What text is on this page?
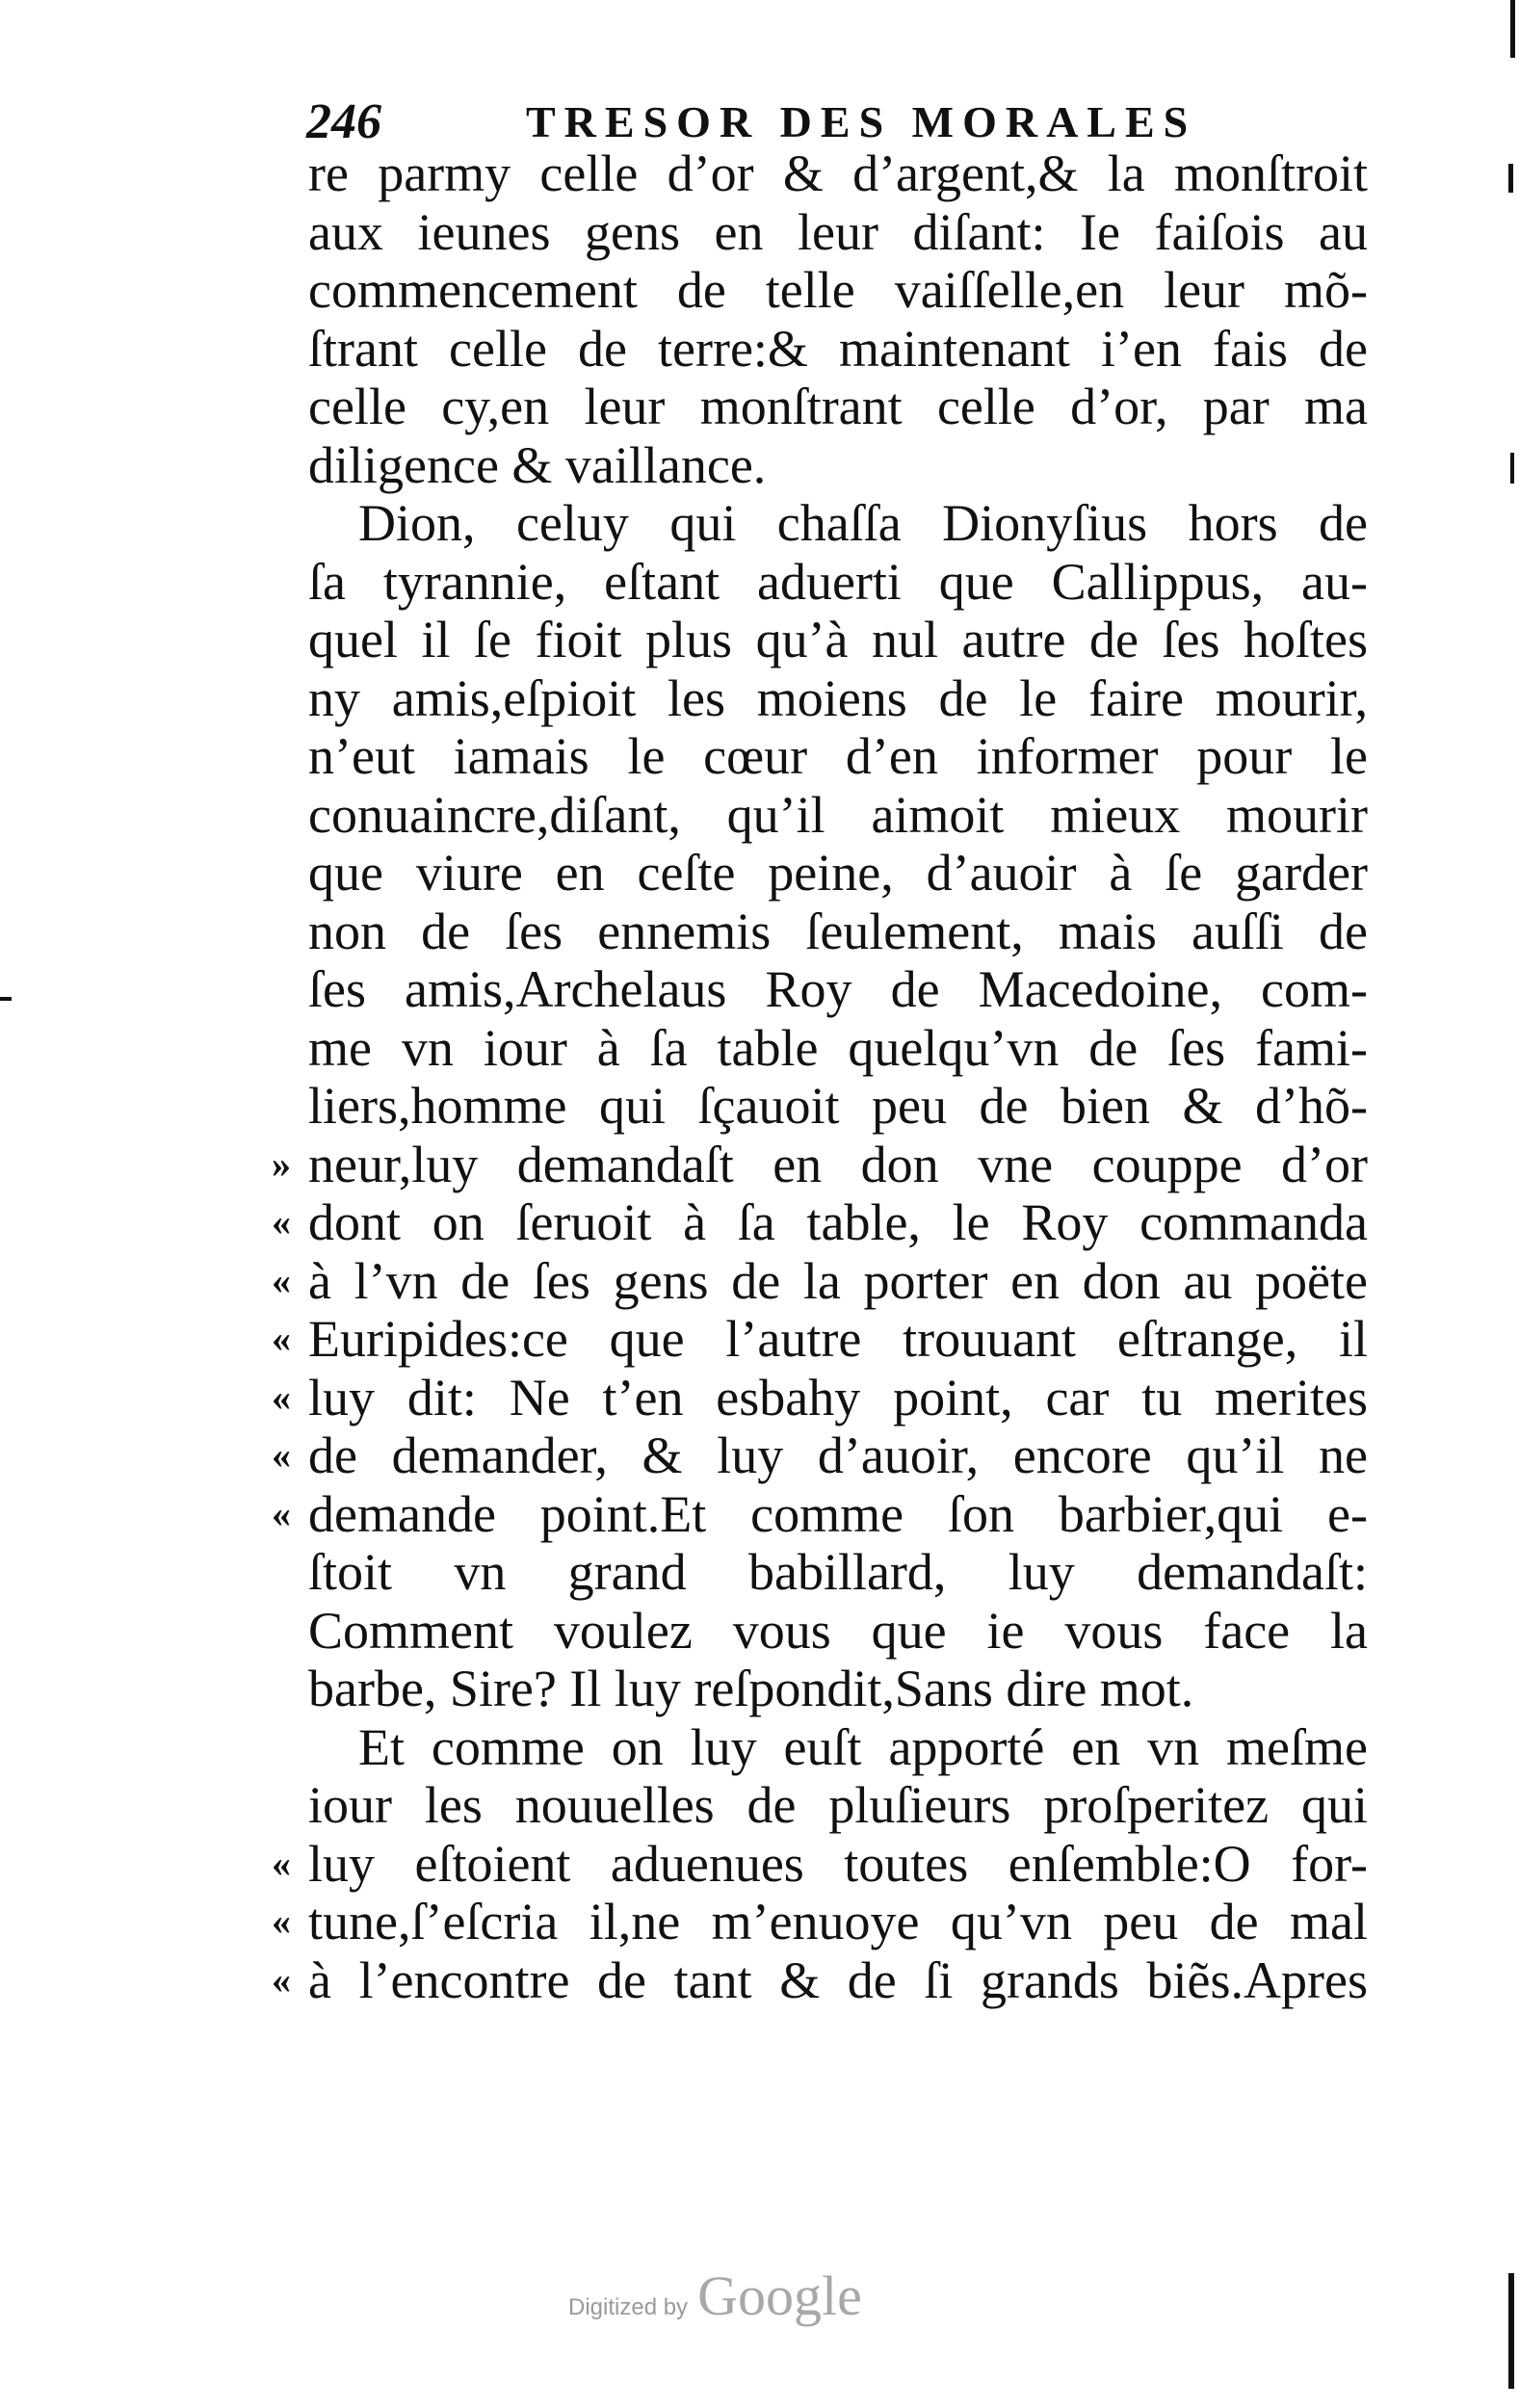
246	TRESOR DES MORALES
re parmy celle d’or & d’argent,& la monſtroit
aux ieunes gens en leur diſant: Ie faiſois au
commencement de telle vaiſſelle,en leur mõ-
ſtrant celle de terre:& maintenant i’en fais de
celle cy,en leur monſtrant celle d’or, par ma
diligence & vaillance.
Dion, celuy qui chaſſa Dionyſius hors de
ſa tyrannie, eſtant aduerti que Callippus, au-
quel il ſe fioit plus qu’à nul autre de ſes hoſtes
ny amis,eſpioit les moiens de le faire mourir,
n’eut iamais le cœur d’en informer pour le
conuaincre,diſant, qu’il aimoit mieux mourir
que viure en ceſte peine, d’auoir à ſe garder
non de ſes ennemis ſeulement, mais auſſi de
ſes amis,Archelaus Roy de Macedoine, com-
me vn iour à ſa table quelqu’vn de ſes fami-
liers,homme qui ſçauoit peu de bien & d’hõ-
» neur,luy demandaſt en don vne couppe d’or
« dont on ſeruoit à ſa table, le Roy commanda
« à l’vn de ſes gens de la porter en don au poëte
« Euripides:ce que l’autre trouuant eſtrange, il
« luy dit: Ne t’en esbahy point, car tu merites
« de demander, & luy d’auoir, encore qu’il ne
« demande point.Et comme ſon barbier,qui e-
ſtoit vn grand babillard, luy demandaſt:
Comment voulez vous que ie vous face la
barbe, Sire? Il luy reſpondit,Sans dire mot.
Et comme on luy euſt apporté en vn meſme
iour les nouuelles de pluſieurs proſperitez qui
« luy eſtoient aduenues toutes enſemble:O for-
« tune,ſ’eſcria il,ne m’enuoye qu’vn peu de mal
« à l’encontre de tant & de ſi grands biẽs.Apres
Digitized by Google
